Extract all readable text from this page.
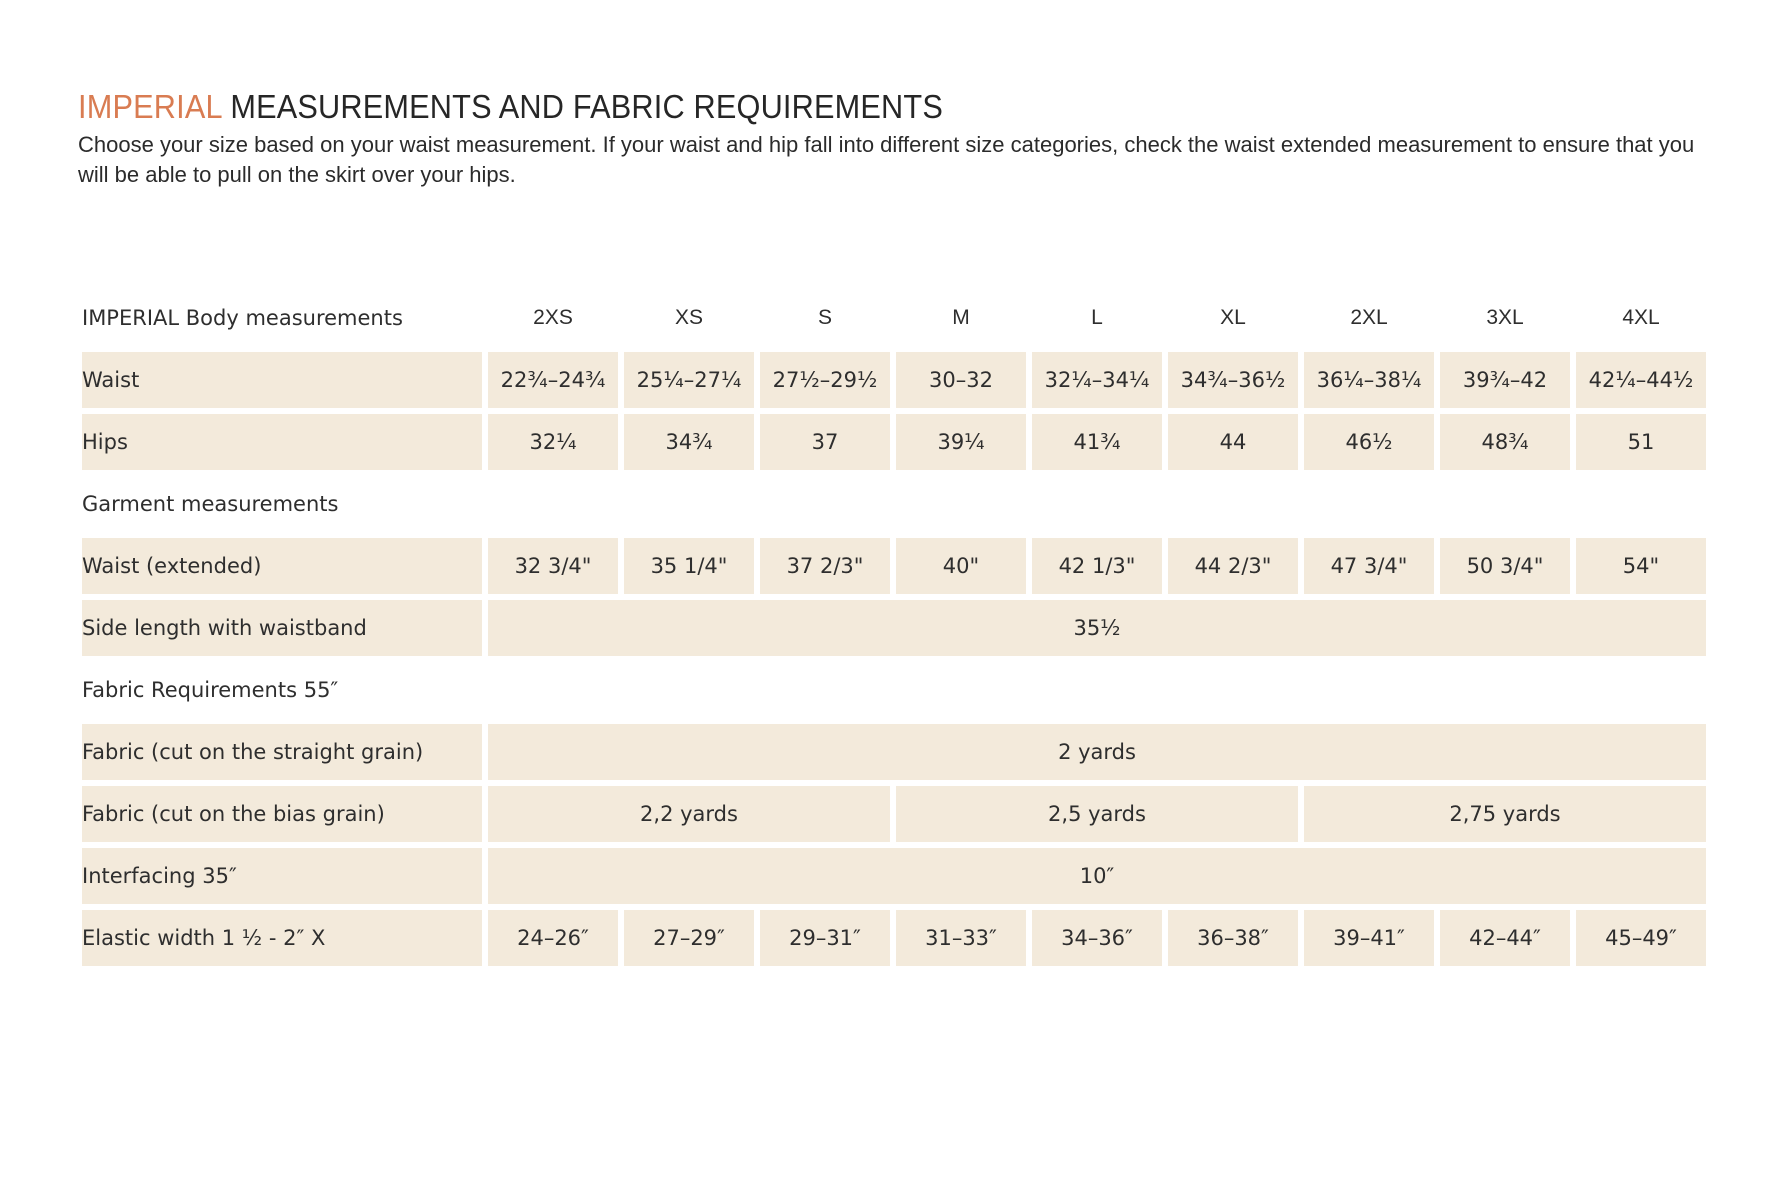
IMPERIAL MEASUREMENTS AND FABRIC REQUIREMENTS
Choose your size based on your waist measurement. If your waist and hip fall into different size categories, check the waist extended measurement to ensure that you will be able to pull on the skirt over your hips.
IMPERIAL Body measurements	2XS	XS	S	M	L	XL	2XL	3XL	4XL
Waist	22¾–24¾	25¼–27¼	27½–29½	30–32	32¼–34¼	34¾–36½	36¼–38¼	39¾–42	42¼–44½
Hips	32¼	34¾	37	39¼	41¾	44	46½	48¾	51
Garment measurements									
Waist (extended)	32 3/4"	35 1/4"	37 2/3"	40"	42 1/3"	44 2/3"	47 3/4"	50 3/4"	54"
Side length with waistband	35½								
Fabric Requirements 55″									
Fabric (cut on the straight grain)	2 yards								
Fabric (cut on the bias grain)	2,2 yards			2,5 yards			2,75 yards		
Interfacing 35″	10″								
Elastic width 1 ½ - 2″ X	24–26″	27–29″	29–31″	31–33″	34–36″	36–38″	39–41″	42–44″	45–49″
